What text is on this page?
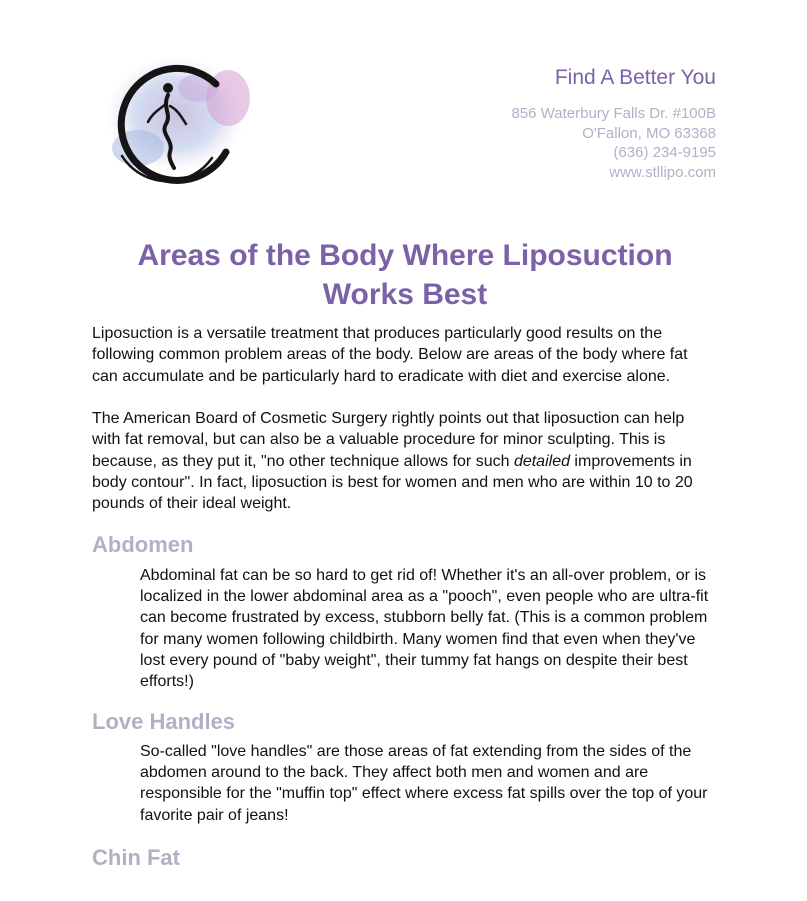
Find A Better You
856 Waterbury Falls Dr. #100B
O'Fallon, MO 63368
(636) 234-9195
www.stllipo.com
Areas of the Body Where Liposuction Works Best

Liposuction is a versatile treatment that produces particularly good results on the following common problem areas of the body. Below are areas of the body where fat can accumulate and be particularly hard to eradicate with diet and exercise alone.

The American Board of Cosmetic Surgery rightly points out that liposuction can help with fat removal, but can also be a valuable procedure for minor sculpting. This is because, as they put it, "no other technique allows for such detailed improvements in body contour". In fact, liposuction is best for women and men who are within 10 to 20 pounds of their ideal weight.

Abdomen

Abdominal fat can be so hard to get rid of! Whether it's an all-over problem, or is localized in the lower abdominal area as a "pooch", even people who are ultra-fit can become frustrated by excess, stubborn belly fat. (This is a common problem for many women following childbirth. Many women find that even when they've lost every pound of "baby weight", their tummy fat hangs on despite their best efforts!)

Love Handles

So-called "love handles" are those areas of fat extending from the sides of the abdomen around to the back. They affect both men and women and are responsible for the "muffin top" effect where excess fat spills over the top of your favorite pair of jeans!

Chin Fat
